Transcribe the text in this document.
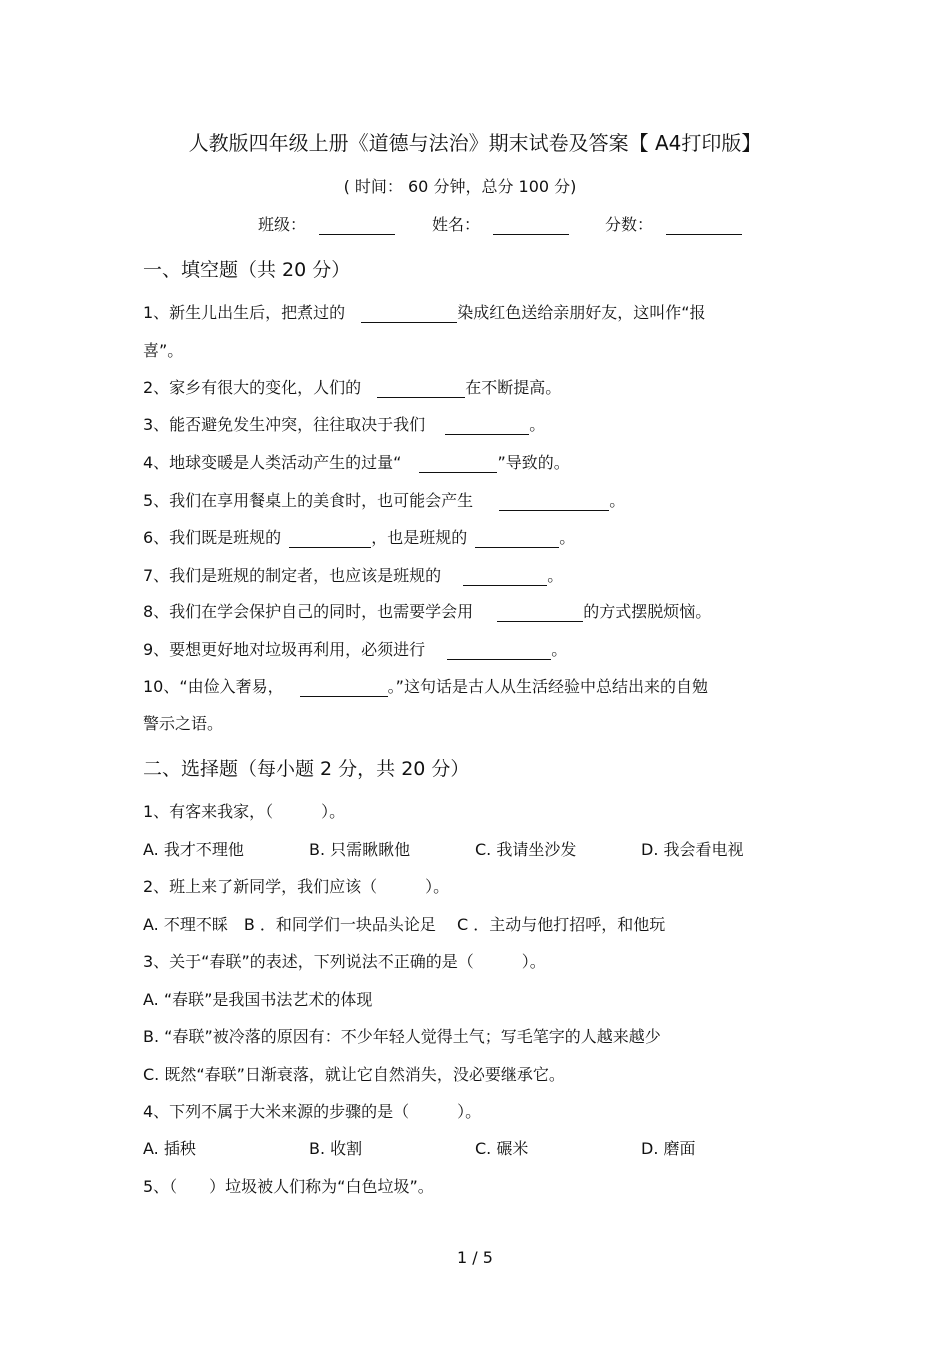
人教版四年级上册《道德与法治》期末试卷及答案【 A4打印版】
( 时间： 60 分钟，总分 100 分)
班级：	姓名：	分数：
一、填空题（共 20 分）
1、新生儿出生后，把煮过的	染成红色送给亲朋好友，这叫作“报
喜”。
2、家乡有很大的变化，人们的	在不断提高。
3、能否避免发生冲突，往往取决于我们	。
4、地球变暖是人类活动产生的过量“	”导致的。
5、我们在享用餐桌上的美食时，也可能会产生	。
6、我们既是班规的	，也是班规的	。
7、我们是班规的制定者，也应该是班规的	。
8、我们在学会保护自己的同时，也需要学会用	的方式摆脱烦恼。
9、要想更好地对垃圾再利用，必须进行	。
10、“由俭入奢易，	。”这句话是古人从生活经验中总结出来的自勉
警示之语。
二、选择题（每小题 2 分，共 20 分）
1、有客来我家，（　　　）。
A. 我才不理他	B. 只需瞅瞅他	C. 我请坐沙发	D. 我会看电视
2、班上来了新同学，我们应该（　　　）。
A. 不理不睬　B ．和同学们一块品头论足　 C ．主动与他打招呼，和他玩
3、关于“春联”的表述，下列说法不正确的是（　　　）。
A. “春联”是我国书法艺术的体现
B. “春联”被冷落的原因有：不少年轻人觉得土气；写毛笔字的人越来越少
C. 既然“春联”日渐衰落，就让它自然消失，没必要继承它。
4、下列不属于大米来源的步骤的是（　　　）。
A. 插秧	B. 收割	C. 碾米	D. 磨面
5、（　　）垃圾被人们称为“白色垃圾”。
1 / 5
